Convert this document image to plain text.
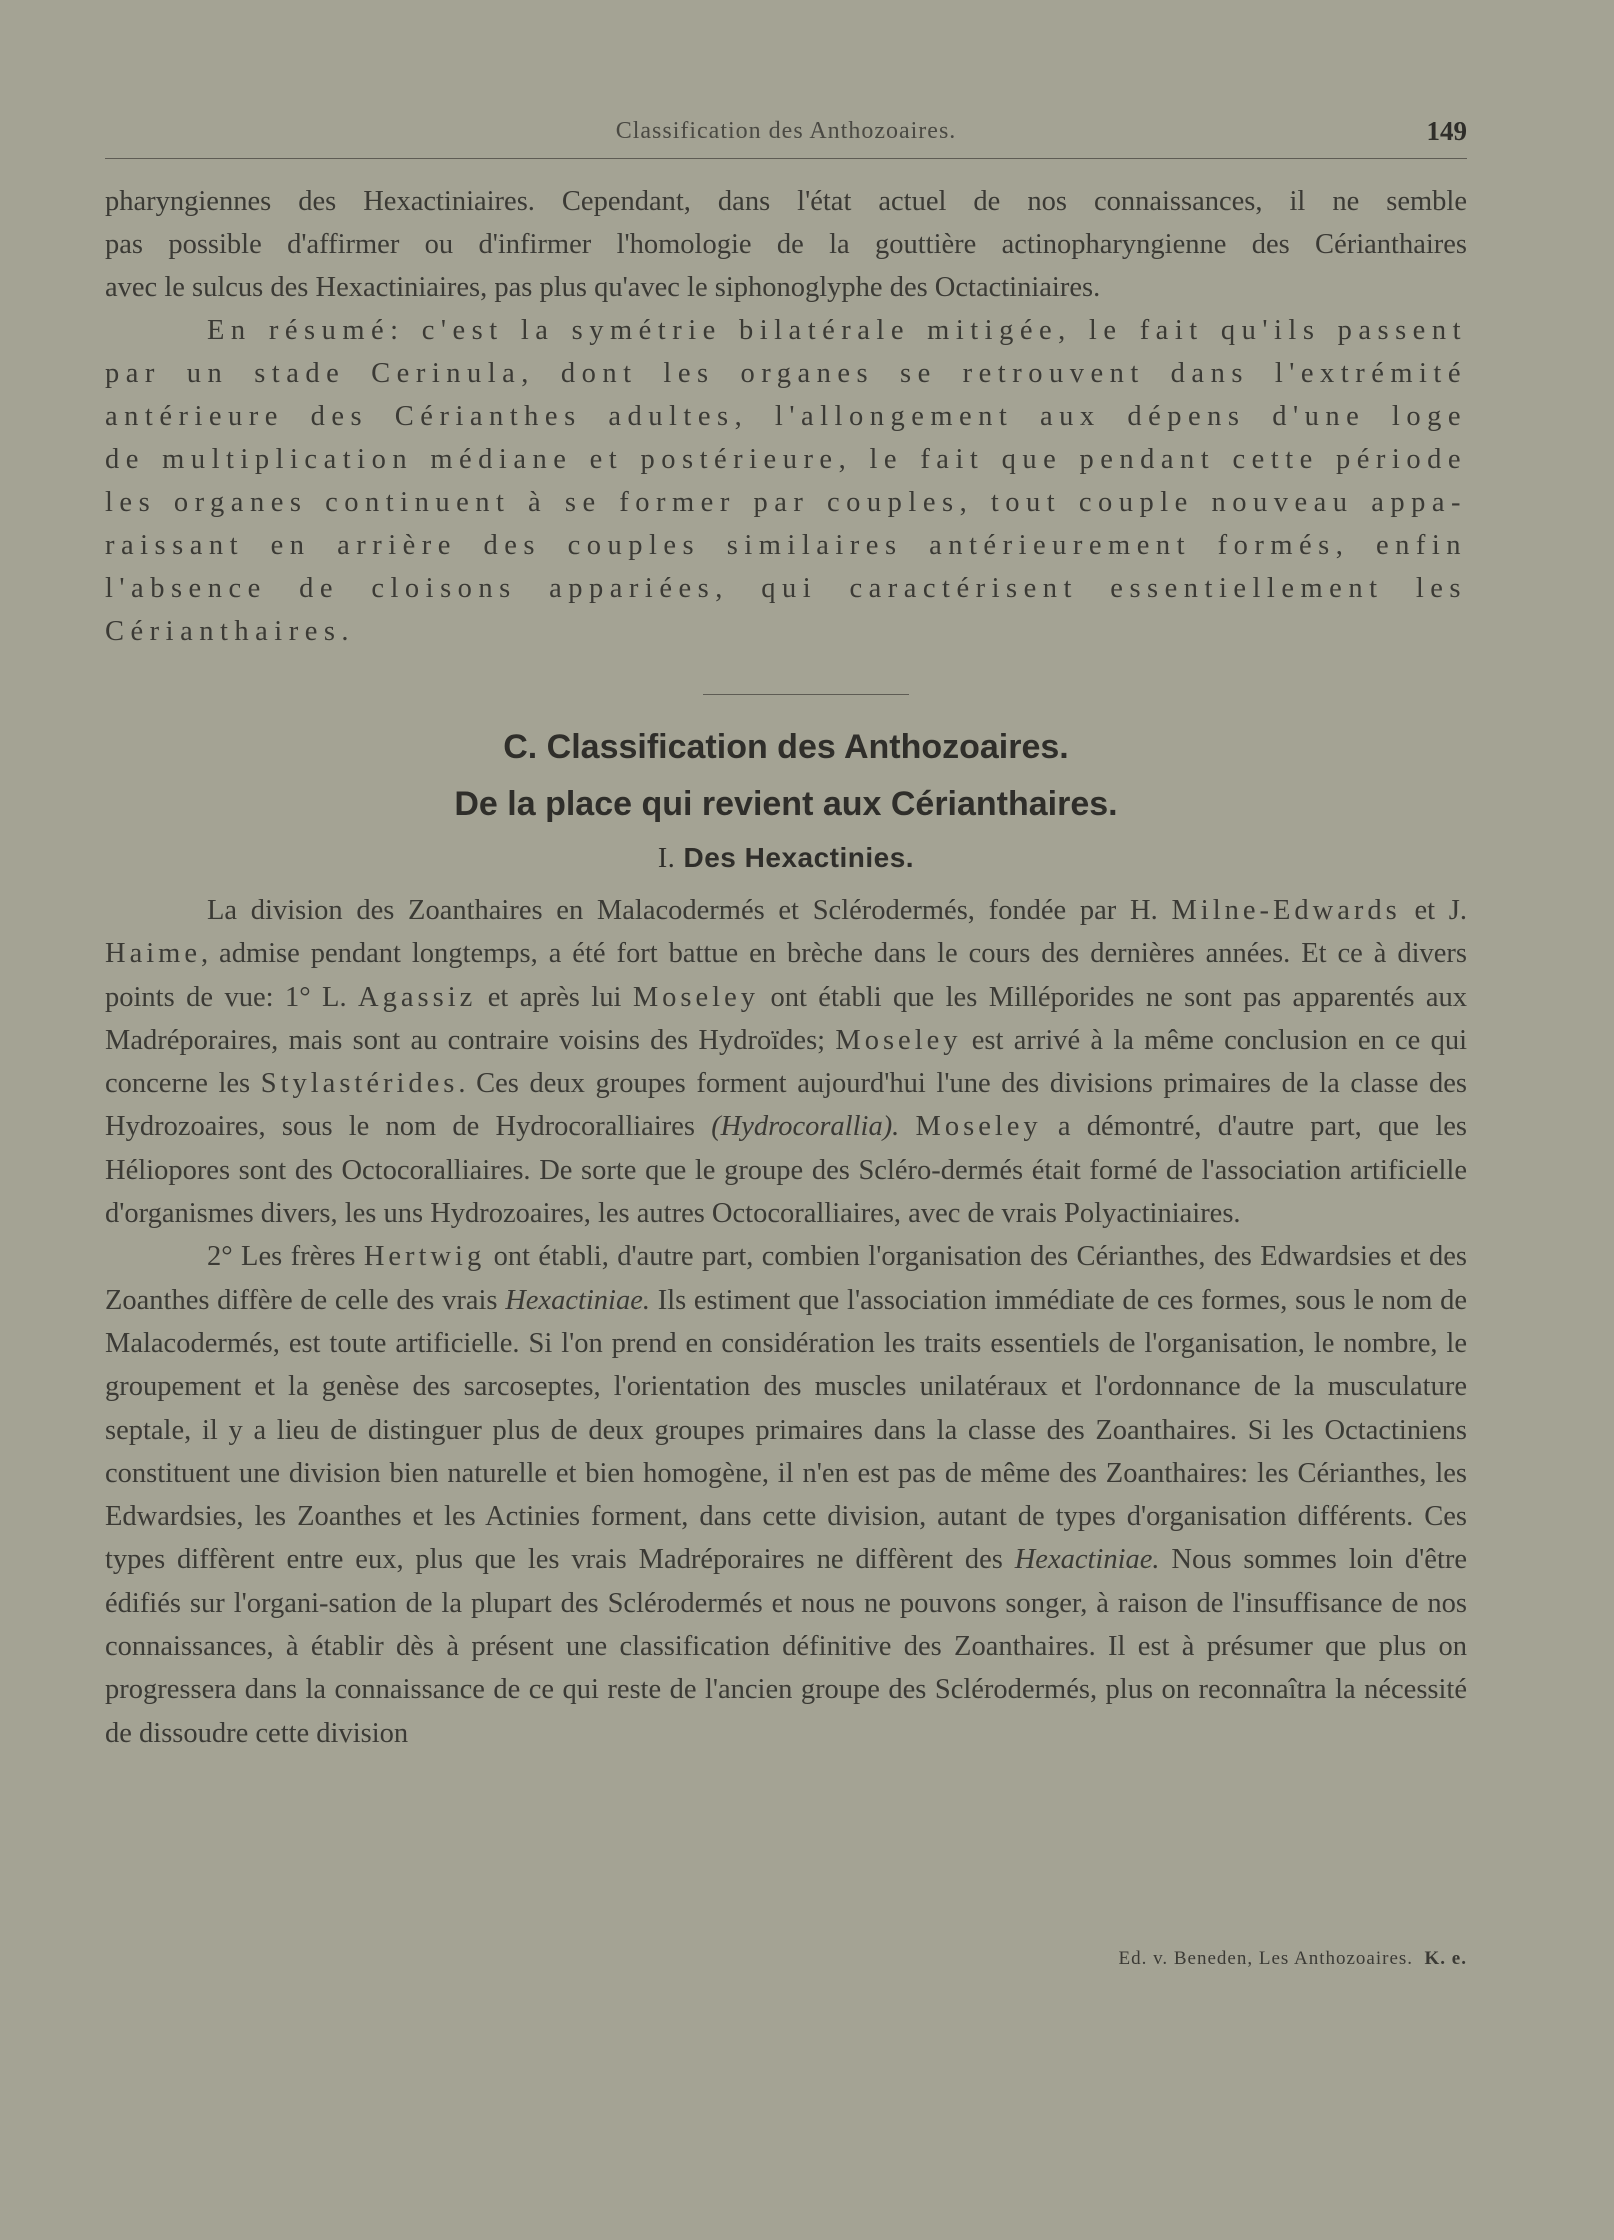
Classification des Anthozoaires.	149

pharyngiennes des Hexactiniaires. Cependant, dans l'état actuel de nos connaissances, il ne semble

pas possible d'affirmer ou d'infirmer l'homologie de la gouttière actinopharyngienne des Cérianthaires

avec le sulcus des Hexactiniaires, pas plus qu'avec le siphonoglyphe des Octactiniaires.

En résumé: c'est la symétrie bilatérale mitigée, le fait qu'ils passent

par un stade Cerinula, dont les organes se retrouvent dans l'extrémité

antérieure des Cérianthes adultes, l'allongement aux dépens d'une loge

de multiplication médiane et postérieure, le fait que pendant cette période

les organes continuent à se former par couples, tout couple nouveau appa-

raissant en arrière des couples similaires antérieurement formés, enfin

l'absence de cloisons appariées, qui caractérisent essentiellement les

Cérianthaires.

C. Classification des Anthozoaires.
De la place qui revient aux Cérianthaires.
I. Des Hexactinies.

La division des Zoanthaires en Malacodermés et Sclérodermés, fondée par H. Milne-Edwards et J. Haime, admise pendant longtemps, a été fort battue en brèche dans le cours des dernières années. Et ce à divers points de vue: 1° L. Agassiz et après lui Moseley ont établi que les Milléporides ne sont pas apparentés aux Madréporaires, mais sont au contraire voisins des Hydroïdes; Moseley est arrivé à la même conclusion en ce qui concerne les Stylastérides. Ces deux groupes forment aujourd'hui l'une des divisions primaires de la classe des Hydrozoaires, sous le nom de Hydrocoralliaires (Hydrocorallia). Moseley a démontré, d'autre part, que les Héliopores sont des Octocoralliaires. De sorte que le groupe des Scléro-dermés était formé de l'association artificielle d'organismes divers, les uns Hydrozoaires, les autres Octocoralliaires, avec de vrais Polyactiniaires.

2° Les frères Hertwig ont établi, d'autre part, combien l'organisation des Cérianthes, des Edwardsies et des Zoanthes diffère de celle des vrais Hexactiniae. Ils estiment que l'association immédiate de ces formes, sous le nom de Malacodermés, est toute artificielle. Si l'on prend en considération les traits essentiels de l'organisation, le nombre, le groupement et la genèse des sarcoseptes, l'orientation des muscles unilatéraux et l'ordonnance de la musculature septale, il y a lieu de distinguer plus de deux groupes primaires dans la classe des Zoanthaires. Si les Octactiniens constituent une division bien naturelle et bien homogène, il n'en est pas de même des Zoanthaires: les Cérianthes, les Edwardsies, les Zoanthes et les Actinies forment, dans cette division, autant de types d'organisation différents. Ces types diffèrent entre eux, plus que les vrais Madréporaires ne diffèrent des Hexactiniae. Nous sommes loin d'être édifiés sur l'organi-sation de la plupart des Sclérodermés et nous ne pouvons songer, à raison de l'insuffisance de nos connaissances, à établir dès à présent une classification définitive des Zoanthaires. Il est à présumer que plus on progressera dans la connaissance de ce qui reste de l'ancien groupe des Sclérodermés, plus on reconnaîtra la nécessité de dissoudre cette division

Ed. v. Beneden, Les Anthozoaires. K. e.
